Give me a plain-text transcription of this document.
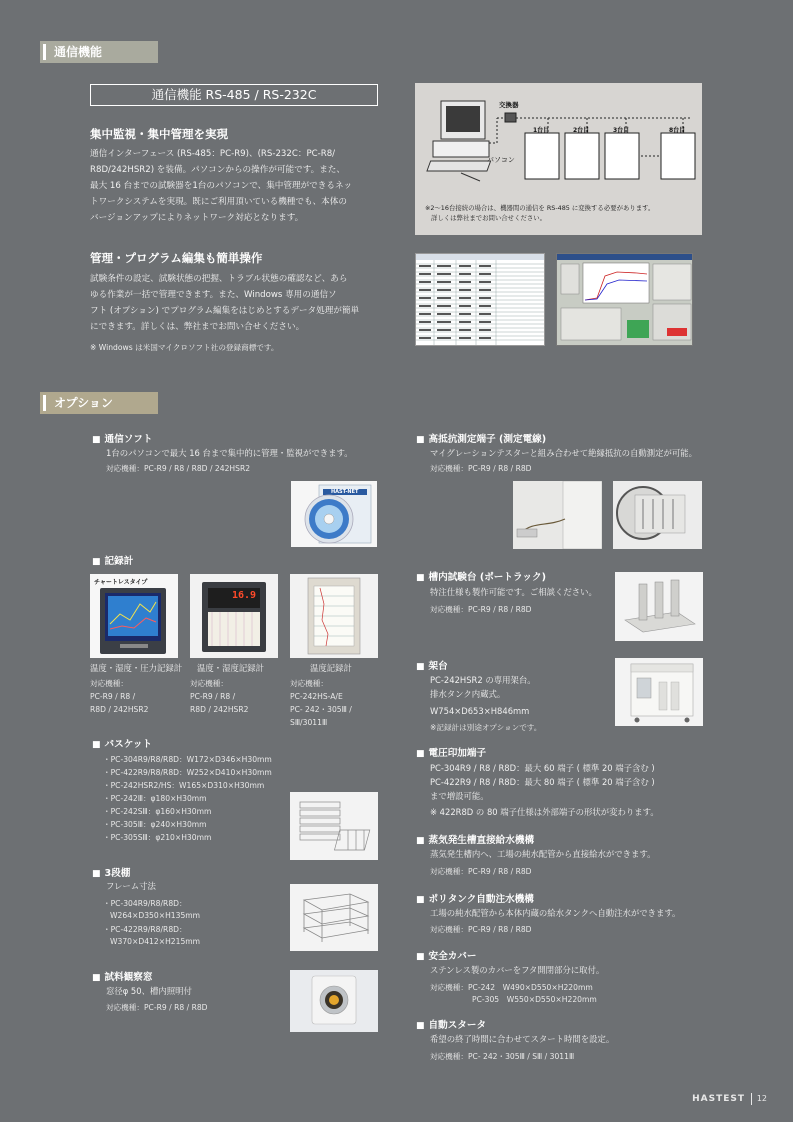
通信機能
通信機能 RS-485 / RS-232C
集中監視・集中管理を実現
通信インターフェース (RS-485：PC-R9)、(RS-232C：PC-R8/
R8D/242HSR2) を装備。パソコンからの操作が可能です。また、
最大 16 台までの試験器を1台のパソコンで、集中管理ができるネッ
トワークシステムを実現。既にご利用頂いている機種でも、本体の
バージョンアップによりネットワーク対応となります。
交換器
パソコン
1台目	2台目	3台目	8台目
※2～16台接続の場合は、機器間の通信を RS-485 に変換する必要があります。
詳しくは弊社までお問い合せください。
管理・プログラム編集も簡単操作
試験条件の設定、試験状態の把握、トラブル状態の確認など、あら
ゆる作業が一括で管理できます。また、Windows 専用の通信ソ
フト (オプション) でプログラム編集をはじめとするデータ処理が簡単
にできます。詳しくは、弊社までお問い合せください。
※ Windows は米国マイクロソフト社の登録商標です。
オプション
■ 通信ソフト
1台のパソコンで最大 16 台まで集中的に管理・監視ができます。
対応機種：PC-R9 / R8 / R8D / 242HSR2
HAST-NET
■ 記録計
チャートレスタイプ
16.9
温度・湿度・圧力記録計
対応機種：
PC-R9 / R8 /
R8D / 242HSR2
温度・湿度記録計
対応機種：
PC-R9 / R8 /
R8D / 242HSR2
温度記録計
対応機種：
PC-242HS-A/E
PC- 242・305Ⅲ /
SⅢ/3011Ⅲ
■ バスケット
・PC-304R9/R8/R8D：W172×D346×H30mm
・PC-422R9/R8/R8D：W252×D410×H30mm
・PC-242HSR2/HS：W165×D310×H30mm
・PC-242Ⅲ：φ180×H30mm
・PC-242SⅢ：φ160×H30mm
・PC-305Ⅲ：φ240×H30mm
・PC-305SⅢ：φ210×H30mm
■ 3段棚
フレーム寸法
・PC-304R9/R8/R8D：
W264×D350×H135mm
・PC-422R9/R8/R8D：
W370×D412×H215mm
■ 試料観察窓
窓径φ 50、槽内照明付
対応機種：PC-R9 / R8 / R8D
■ 高抵抗測定端子 (測定電線)
マイグレーションテスターと組み合わせて絶縁抵抗の自動測定が可能。
対応機種：PC-R9 / R8 / R8D
■ 槽内試験台 (ポートラック)
特注仕様も製作可能です。ご相談ください。
対応機種：PC-R9 / R8 / R8D
■ 架台
PC-242HSR2 の専用架台。
排水タンク内蔵式。
W754×D653×H846mm
※記録計は別途オプションです。
■ 電圧印加端子
PC-304R9 / R8 / R8D：最大 60 端子 ( 標準 20 端子含む )
PC-422R9 / R8 / R8D：最大 80 端子 ( 標準 20 端子含む )
まで増設可能。
※ 422R8D の 80 端子仕様は外部端子の形状が変わります。
■ 蒸気発生槽直接給水機構
蒸気発生槽内へ、工場の純水配管から直接給水ができます。
対応機種：PC-R9 / R8 / R8D
■ ポリタンク自動注水機構
工場の純水配管から本体内蔵の給水タンクへ自動注水ができます。
対応機種：PC-R9 / R8 / R8D
■ 安全カバー
ステンレス製のカバーをフタ開閉部分に取付。
対応機種：PC-242　W490×D550×H220mm
PC-305　W550×D550×H220mm
■ 自動スタータ
希望の終了時間に合わせてスタート時間を設定。
対応機種：PC- 242・305Ⅲ / SⅢ / 3011Ⅲ
HASTEST 12
